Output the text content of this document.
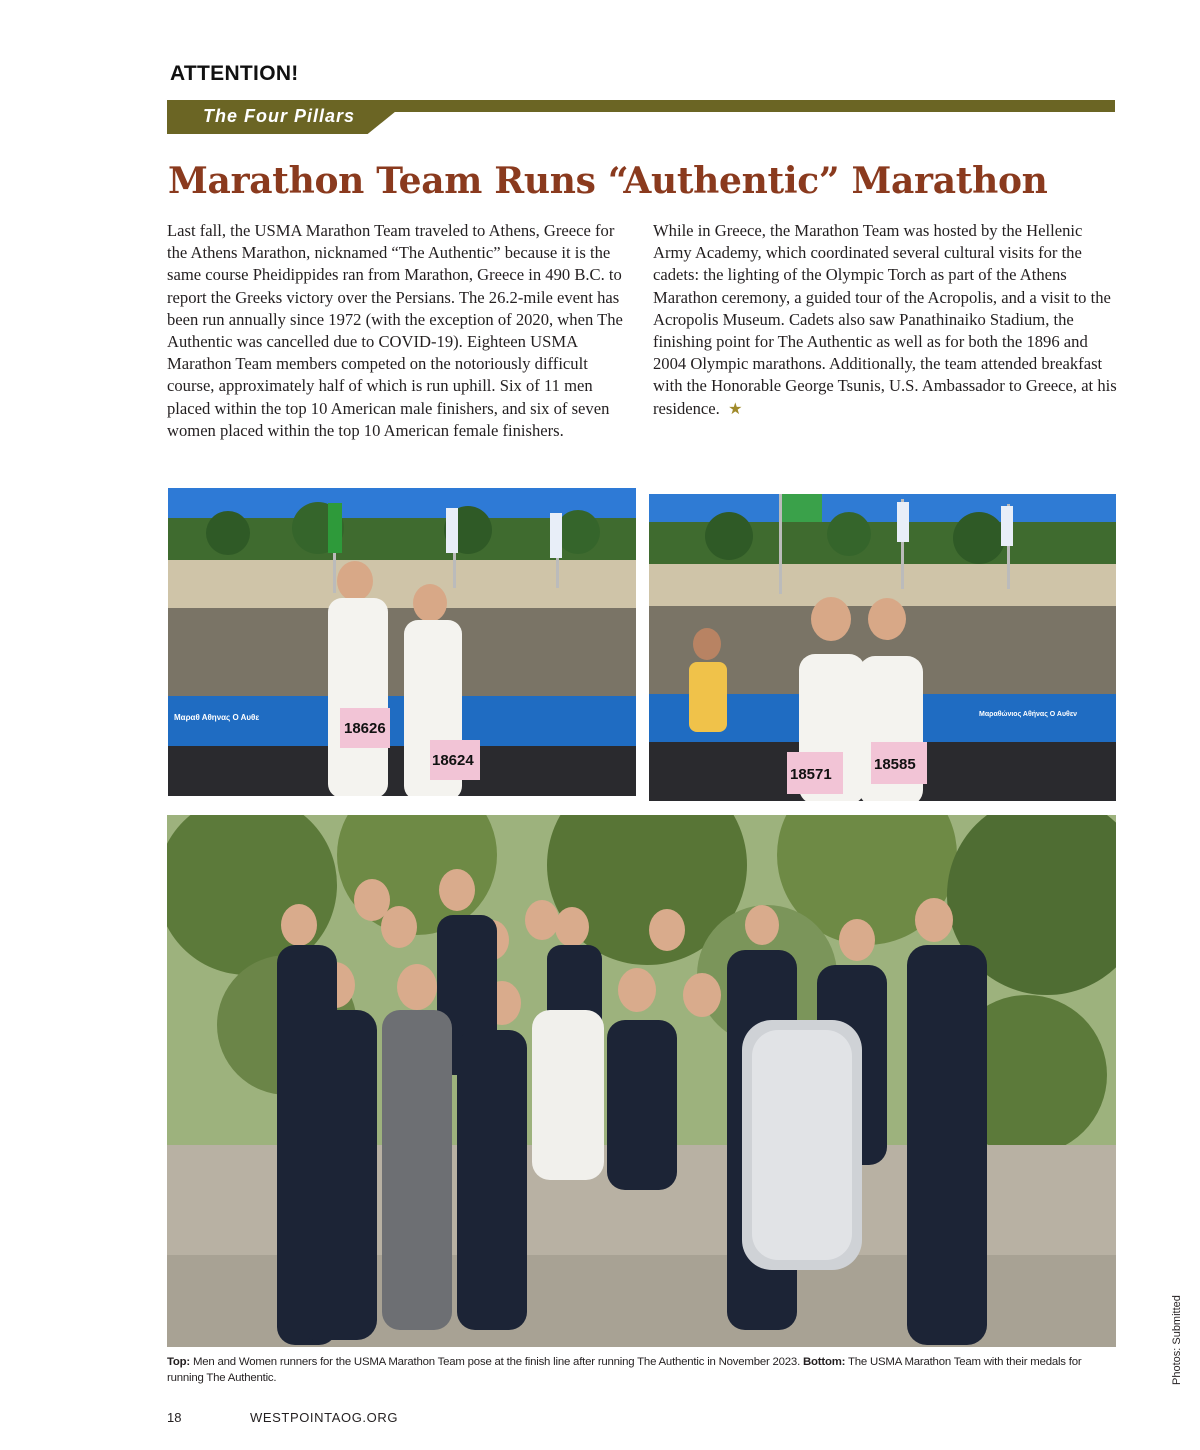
ATTENTION!
The Four Pillars
Marathon Team Runs “Authentic” Marathon

Last fall, the USMA Marathon Team traveled to Athens, Greece for the Athens Marathon, nicknamed “The Authentic” because it is the same course Pheidippides ran from Marathon, Greece in 490 B.C. to report the Greeks victory over the Persians. The 26.2-mile event has been run annually since 1972 (with the exception of 2020, when The Authentic was cancelled due to COVID-19). Eighteen USMA Marathon Team members competed on the notoriously difficult course, approximately half of which is run uphill. Six of 11 men placed within the top 10 American male finishers, and six of seven women placed within the top 10 American female finishers.

While in Greece, the Marathon Team was hosted by the Hellenic Army Academy, which coordinated several cultural visits for the cadets: the lighting of the Olympic Torch as part of the Athens Marathon ceremony, a guided tour of the Acropolis, and a visit to the Acropolis Museum. Cadets also saw Panathinaiko Stadium, the finishing point for The Authentic as well as for both the 1896 and 2004 Olympic marathons. Additionally, the team attended breakfast with the Honorable George Tsunis, U.S. Ambassador to Greece, at his residence. ★

18626
18624
Μαραθ Αθηνας Ο Αυθε
18571
18585
Μαραθώνιος Αθήνας Ο Αυθεν

Top: Men and Women runners for the USMA Marathon Team pose at the finish line after running The Authentic in November 2023. Bottom: The USMA Marathon Team with their medals for running The Authentic.	Photos: Submitted
18	WESTPOINTAOG.ORG
